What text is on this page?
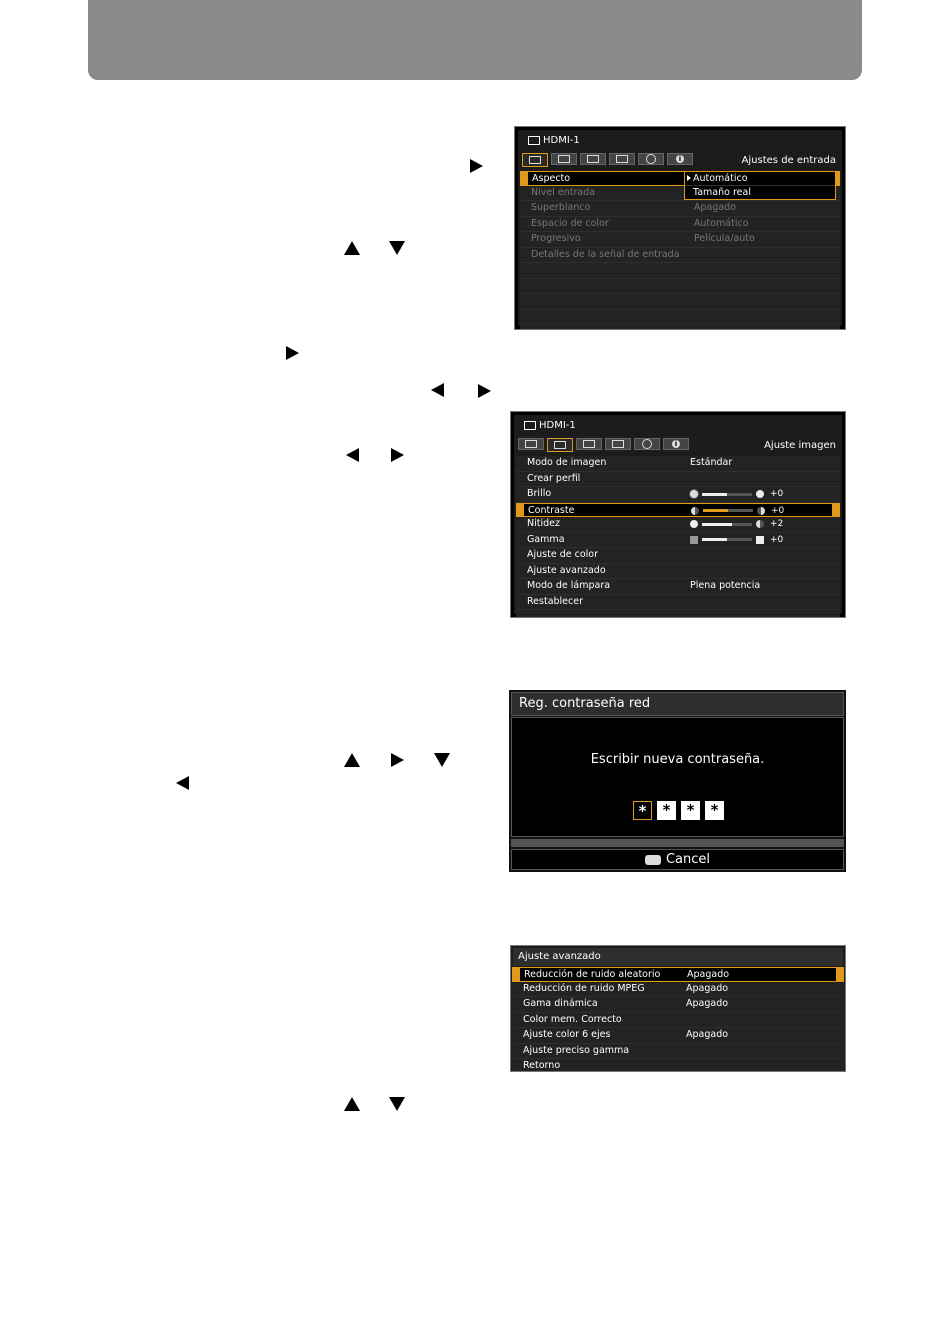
HDMI-1
i	Ajustes de entrada
Aspecto
Nivel entrada
Superblanco	Apagado
Espacio de color	Automático
Progresivo	Película/auto
Detalles de la señal de entrada
Automático
Tamaño real
HDMI-1
i	Ajuste imagen
Modo de imagen	Estándar
Crear perfil
Brillo	+0
Contraste	+0
Nitidez	+2
Gamma	+0
Ajuste de color
Ajuste avanzado
Modo de lámpara	Plena potencia
Restablecer
Reg. contraseña red
Escribir nueva contraseña.
*	*	*	*
Cancel
Ajuste avanzado
Reducción de ruido aleatorio	Apagado
Reducción de ruido MPEG	Apagado
Gama dinámica	Apagado
Color mem. Correcto
Ajuste color 6 ejes	Apagado
Ajuste preciso gamma
Retorno
